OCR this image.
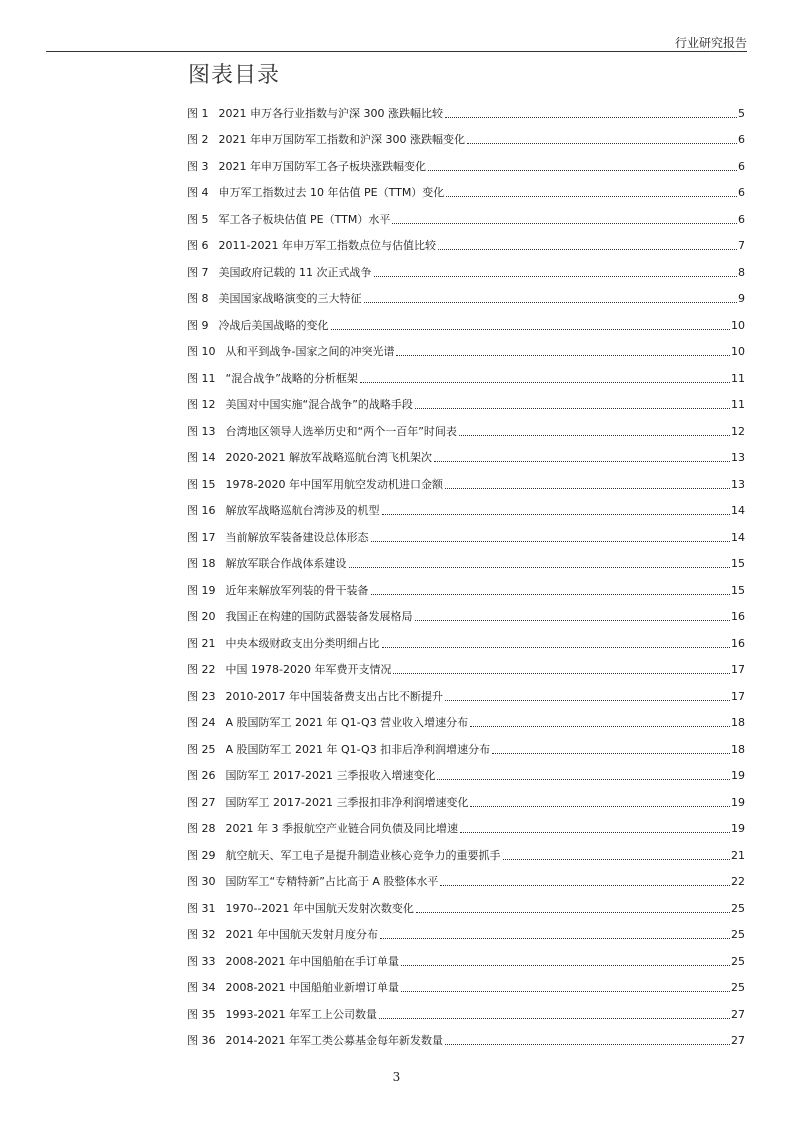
行业研究报告
图表目录
图 1 2021 申万各行业指数与沪深 300 涨跌幅比较	5
图 2 2021 年申万国防军工指数和沪深 300 涨跌幅变化	6
图 3 2021 年申万国防军工各子板块涨跌幅变化	6
图 4 申万军工指数过去 10 年估值 PE（TTM）变化	6
图 5 军工各子板块估值 PE（TTM）水平	6
图 6 2011-2021 年申万军工指数点位与估值比较	7
图 7 美国政府记载的 11 次正式战争	8
图 8 美国国家战略演变的三大特征	9
图 9 冷战后美国战略的变化	10
图 10 从和平到战争-国家之间的冲突光谱	10
图 11 “混合战争”战略的分析框架	11
图 12 美国对中国实施“混合战争”的战略手段	11
图 13 台湾地区领导人选举历史和“两个一百年”时间表	12
图 14 2020-2021 解放军战略巡航台湾飞机架次	13
图 15 1978-2020 年中国军用航空发动机进口金额	13
图 16 解放军战略巡航台湾涉及的机型	14
图 17 当前解放军装备建设总体形态	14
图 18 解放军联合作战体系建设	15
图 19 近年来解放军列装的骨干装备	15
图 20 我国正在构建的国防武器装备发展格局	16
图 21 中央本级财政支出分类明细占比	16
图 22 中国 1978-2020 年军费开支情况	17
图 23 2010-2017 年中国装备费支出占比不断提升	17
图 24 A 股国防军工 2021 年 Q1-Q3 营业收入增速分布	18
图 25 A 股国防军工 2021 年 Q1-Q3 扣非后净利润增速分布	18
图 26 国防军工 2017-2021 三季报收入增速变化	19
图 27 国防军工 2017-2021 三季报扣非净利润增速变化	19
图 28 2021 年 3 季报航空产业链合同负债及同比增速	19
图 29 航空航天、军工电子是提升制造业核心竞争力的重要抓手	21
图 30 国防军工“专精特新”占比高于 A 股整体水平	22
图 31 1970--2021 年中国航天发射次数变化	25
图 32 2021 年中国航天发射月度分布	25
图 33 2008-2021 年中国船舶在手订单量	25
图 34 2008-2021 中国船舶业新增订单量	25
图 35 1993-2021 年军工上公司数量	27
图 36 2014-2021 年军工类公募基金每年新发数量	27
3
